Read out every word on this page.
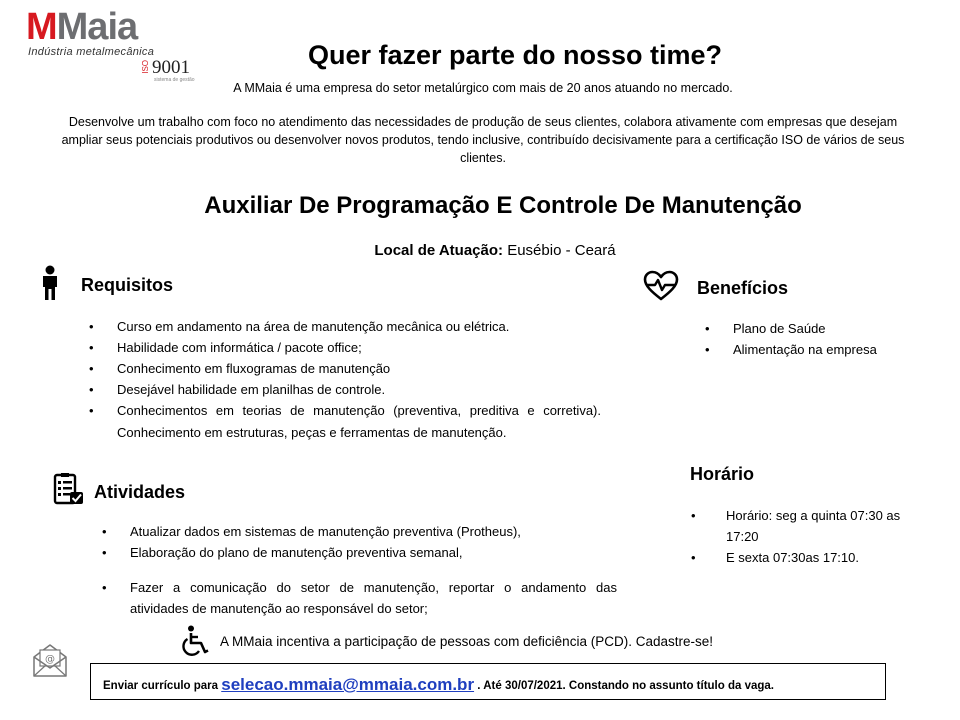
MMaia
Indústria metalmecânica
ISO 9001
sistema de gestão
Quer fazer parte do nosso time?
A MMaia é uma empresa do setor metalúrgico com mais de 20 anos atuando no mercado.
Desenvolve um trabalho com foco no atendimento das necessidades de produção de seus clientes, colabora ativamente com empresas que desejam ampliar seus potenciais produtivos ou desenvolver novos produtos, tendo inclusive, contribuído decisivamente para a certificação ISO de vários de seus clientes.
Auxiliar De Programação E Controle De Manutenção
Local de Atuação: Eusébio - Ceará
Requisitos
• Curso em andamento na área de manutenção mecânica ou elétrica.
• Habilidade com informática / pacote office;
• Conhecimento em fluxogramas de manutenção
• Desejável habilidade em planilhas de controle.
• Conhecimentos em teorias de manutenção (preventiva, preditiva e corretiva). Conhecimento em estruturas, peças e ferramentas de manutenção.
Atividades
• Atualizar dados em sistemas de manutenção preventiva (Protheus),
• Elaboração do plano de manutenção preventiva semanal,
• Fazer a comunicação do setor de manutenção, reportar o andamento das atividades de manutenção ao responsável do setor;
Benefícios
• Plano de Saúde
• Alimentação na empresa
Horário
• Horário: seg a quinta 07:30 as 17:20
• E sexta 07:30as 17:10.
A MMaia incentiva a participação de pessoas com deficiência (PCD). Cadastre-se!
@
Enviar currículo para selecao.mmaia@mmaia.com.br . Até 30/07/2021. Constando no assunto título da vaga.
